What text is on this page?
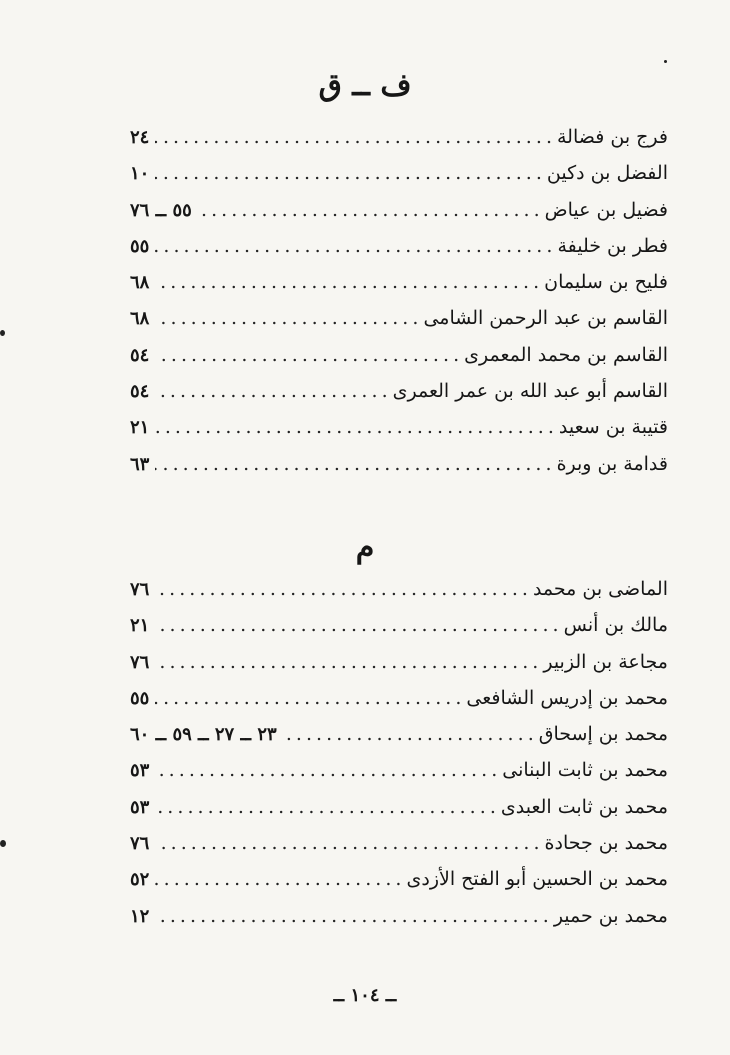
ف ــ ق
فرج بن فضالة
. . .
٢٤
الفضل بن دكين
. . .
١٠
فضيل بن عياض
. . .
٥٥ ــ ٧٦
فطر بن خليفة
. . .
٥٥
فليح بن سليمان
. . .
٦٨
القاسم بن عبد الرحمن الشامى
. . .
٦٨
القاسم بن محمد المعمرى
. . .
٥٤
القاسم أبو عبد الله بن عمر العمرى
. . .
٥٤
قتيبة بن سعيد
. . .
٢١
قدامة بن وبرة
. . .
٦٣
م
الماضى بن محمد
. . .
٧٦
مالك بن أنس
. . .
٢١
مجاعة بن الزبير
. . .
٧٦
محمد بن إدريس الشافعى
. . .
٥٥
محمد بن إسحاق
. . .
٢٣ ــ ٢٧ ــ ٥٩ ــ ٦٠
محمد بن ثابت البنانى
. . .
٥٣
محمد بن ثابت العبدى
. . .
٥٣
محمد بن جحادة
. . .
٧٦
محمد بن الحسين أبو الفتح الأزدى
. . .
٥٢
محمد بن حمير
. . .
١٢
ــ ١٠٤ ــ
